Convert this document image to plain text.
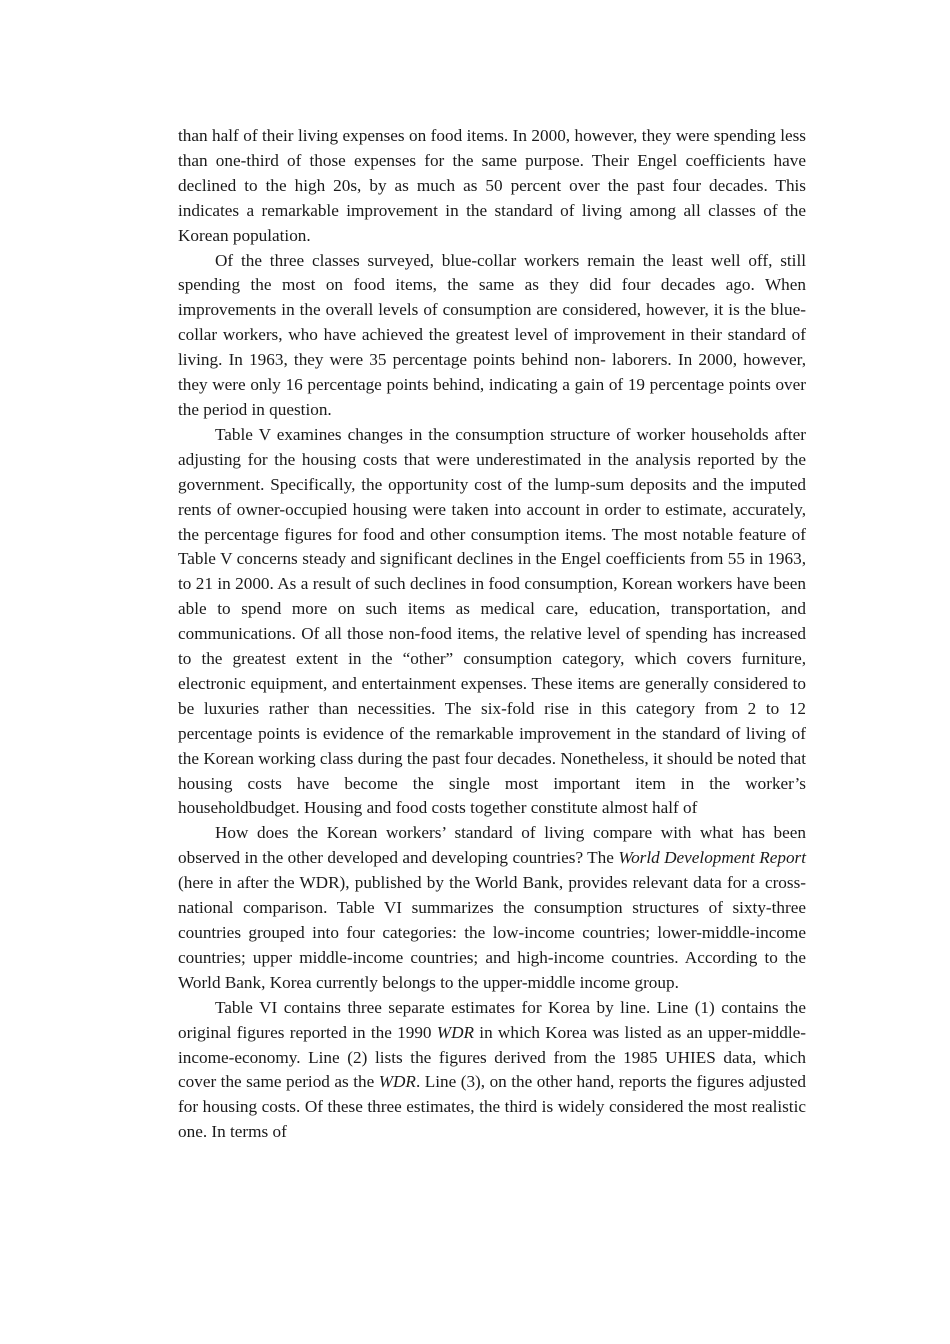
than half of their living expenses on food items. In 2000, however, they were spending less than one-third of those expenses for the same purpose. Their Engel coefficients have declined to the high 20s, by as much as 50 percent over the past four decades. This indicates a remarkable improvement in the standard of living among all classes of the Korean population.

Of the three classes surveyed, blue-collar workers remain the least well off, still spending the most on food items, the same as they did four decades ago. When improvements in the overall levels of consumption are considered, however, it is the blue-collar workers, who have achieved the greatest level of improvement in their standard of living. In 1963, they were 35 percentage points behind non- laborers. In 2000, however, they were only 16 percentage points behind, indicating a gain of 19 percentage points over the period in question.

Table V examines changes in the consumption structure of worker households after adjusting for the housing costs that were underestimated in the analysis reported by the government. Specifically, the opportunity cost of the lump-sum deposits and the imputed rents of owner-occupied housing were taken into account in order to estimate, accurately, the percentage figures for food and other consumption items. The most notable feature of Table V concerns steady and significant declines in the Engel coefficients from 55 in 1963, to 21 in 2000. As a result of such declines in food consumption, Korean workers have been able to spend more on such items as medical care, education, transportation, and communications. Of all those non-food items, the relative level of spending has increased to the greatest extent in the “other” consumption category, which covers furniture, electronic equipment, and entertainment expenses. These items are generally considered to be luxuries rather than necessities. The six-fold rise in this category from 2 to 12 percentage points is evidence of the remarkable improvement in the standard of living of the Korean working class during the past four decades. Nonetheless, it should be noted that housing costs have become the single most important item in the worker’s householdbudget. Housing and food costs together constitute almost half of

How does the Korean workers’ standard of living compare with what has been observed in the other developed and developing countries? The World Development Report (here in after the WDR), published by the World Bank, provides relevant data for a cross-national comparison. Table VI summarizes the consumption structures of sixty-three countries grouped into four categories: the low-income countries; lower-middle-income countries; upper middle-income countries; and high-income countries. According to the World Bank, Korea currently belongs to the upper-middle income group.

Table VI contains three separate estimates for Korea by line. Line (1) contains the original figures reported in the 1990 WDR in which Korea was listed as an upper-middle-income-economy. Line (2) lists the figures derived from the 1985 UHIES data, which cover the same period as the WDR. Line (3), on the other hand, reports the figures adjusted for housing costs. Of these three estimates, the third is widely considered the most realistic one. In terms of
